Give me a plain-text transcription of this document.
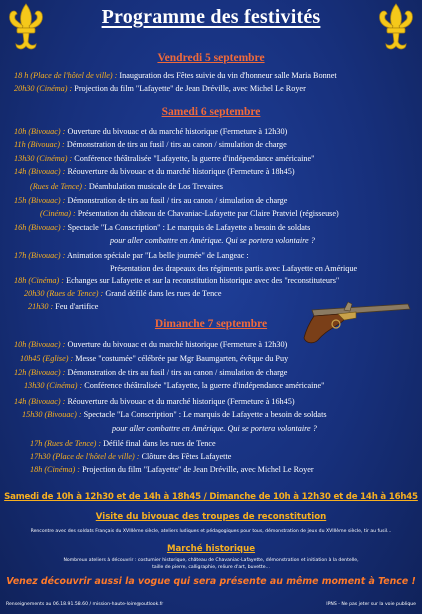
Programme des festivités
Vendredi 5 septembre
18 h (Place de l'hôtel de ville) : Inauguration des Fêtes suivie du vin d'honneur salle Maria Bonnet
20h30 (Cinéma) : Projection du film "Lafayette" de Jean Dréville, avec Michel Le Royer
Samedi 6 septembre
10h (Bivouac) : Ouverture du bivouac et du marché historique (Fermeture à 12h30)
11h (Bivouac) : Démonstration de tirs au fusil / tirs au canon / simulation de charge
13h30 (Cinéma) : Conférence théâtralisée "Lafayette, la guerre d'indépendance américaine"
14h (Bivouac) : Réouverture du bivouac et du marché historique (Fermeture à 18h45)
(Rues de Tence) : Déambulation musicale de Los Trevaires
15h (Bivouac) : Démonstration de tirs au fusil / tirs au canon / simulation de charge
(Cinéma) : Présentation du château de Chavaniac-Lafayette par Claire Pratviel (régisseuse)
16h (Bivouac) : Spectacle "La Conscription" : Le marquis de Lafayette a besoin de soldats
pour aller combattre en Amérique. Qui se portera volontaire ?
17h (Bivouac) : Animation spéciale par "La belle journée" de Langeac :
Présentation des drapeaux des régiments partis avec Lafayette en Amérique
18h (Cinéma) : Echanges sur Lafayette et sur la reconstitution historique avec des "reconstituteurs"
20h30 (Rues de Tence) : Grand défilé dans les rues de Tence
21h30 : Feu d'artifice
Dimanche 7 septembre
10h (Bivouac) : Ouverture du bivouac et du marché historique (Fermeture à 12h30)
10h45 (Eglise) : Messe "costumée" célébrée par Mgr Baumgarten, évêque du Puy
12h (Bivouac) : Démonstration de tirs au fusil / tirs au canon / simulation de charge
13h30 (Cinéma) : Conférence théâtralisée "Lafayette, la guerre d'indépendance américaine"
14h (Bivouac) : Réouverture du bivouac et du marché historique (Fermeture à 16h45)
15h30 (Bivouac) : Spectacle "La Conscription" : Le marquis de Lafayette a besoin de soldats
pour aller combattre en Amérique. Qui se portera volontaire ?
17h (Rues de Tence) : Défilé final dans les rues de Tence
17h30 (Place de l'hôtel de ville) : Clôture des Fêtes Lafayette
18h (Cinéma) : Projection du film "Lafayette" de Jean Dréville, avec Michel Le Royer
Samedi de 10h à 12h30 et de 14h à 18h45 / Dimanche de 10h à 12h30 et de 14h à 16h45
Visite du bivouac des troupes de reconstitution
Rencontre avec des soldats Français du XVIIIème siècle, ateliers ludiques et pédagogiques pour tous, démonstration de jeux du XVIIIème siècle, tir au fusil...
Marché historique
Nombreux ateliers à découvrir : costumier historique, château de Chavaniac-Lafayette, démonstration et initiation à la dentelle,
taille de pierre, calligraphie, reliure d'art, buvette...
Venez découvrir aussi la vogue qui sera présente au même moment à Tence !
Renseignements au 06.18.91.58.60 / mission-haute-loire@outlook.fr	IPNS - Ne pas jeter sur la voie publique
